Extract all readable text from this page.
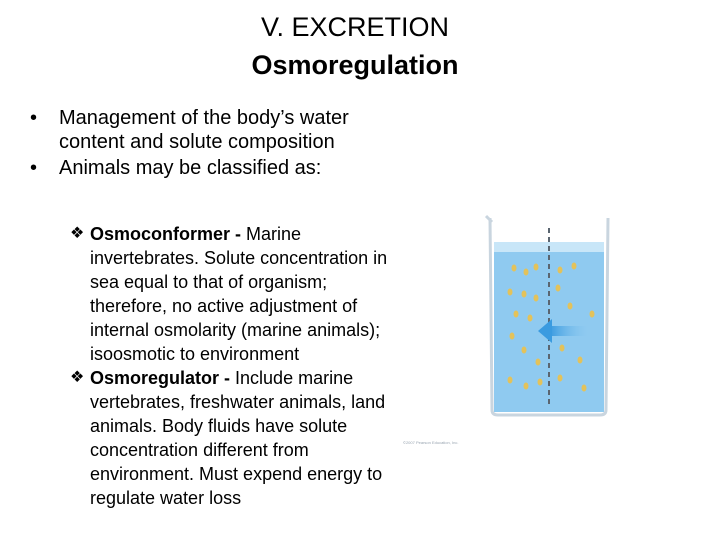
V. EXCRETION
Osmoregulation
• Management of the body’s water content and solute composition
• Animals may be classified as:
❖ Osmoconformer - Marine invertebrates. Solute concentration in sea equal to that of organism; therefore, no active adjustment of internal osmolarity (marine animals); isoosmotic to environment
❖ Osmoregulator - Include marine vertebrates, freshwater animals, land animals. Body fluids have solute concentration different from environment. Must expend energy to regulate water loss
©2007 Pearson Education, Inc.
